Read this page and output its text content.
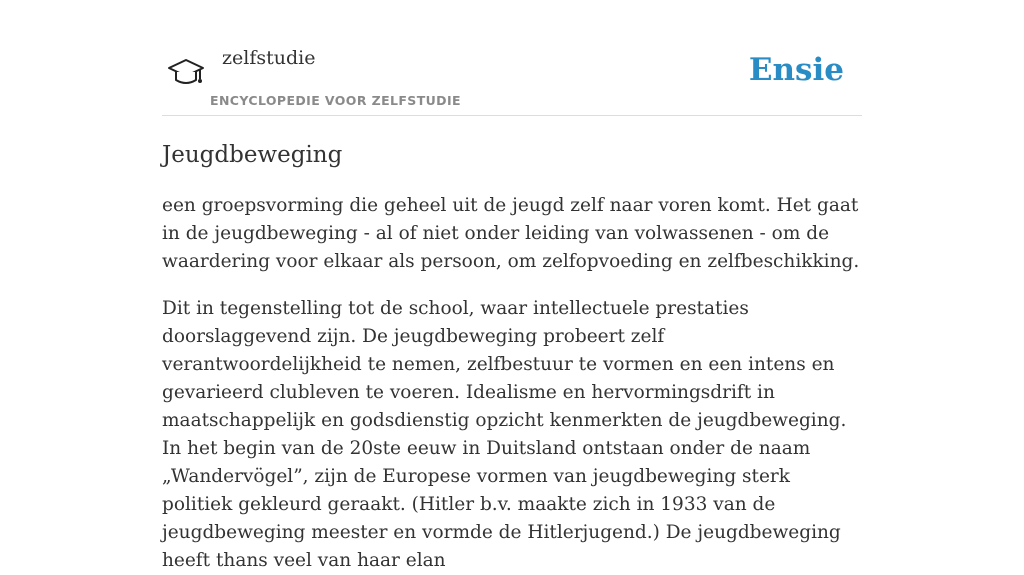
zelfstudie
ENCYCLOPEDIE VOOR ZELFSTUDIE
Ensie
Jeugdbeweging

een groepsvorming die geheel uit de jeugd zelf naar voren komt. Het gaat in de jeugdbeweging - al of niet onder leiding van volwassenen - om de waardering voor elkaar als persoon, om zelfopvoeding en zelfbeschikking.

Dit in tegenstelling tot de school, waar intellectuele prestaties doorslaggevend zijn. De jeugdbeweging probeert zelf verantwoordelijkheid te nemen, zelfbestuur te vormen en een intens en gevarieerd clubleven te voeren. Idealisme en hervormingsdrift in maatschappelijk en godsdienstig opzicht kenmerkten de jeugdbeweging. In het begin van de 20ste eeuw in Duitsland ontstaan onder de naam „Wandervögel”, zijn de Europese vormen van jeugdbeweging sterk politiek gekleurd geraakt. (Hitler b.v. maakte zich in 1933 van de jeugdbeweging meester en vormde de Hitlerjugend.) De jeugdbeweging heeft thans veel van haar elan
